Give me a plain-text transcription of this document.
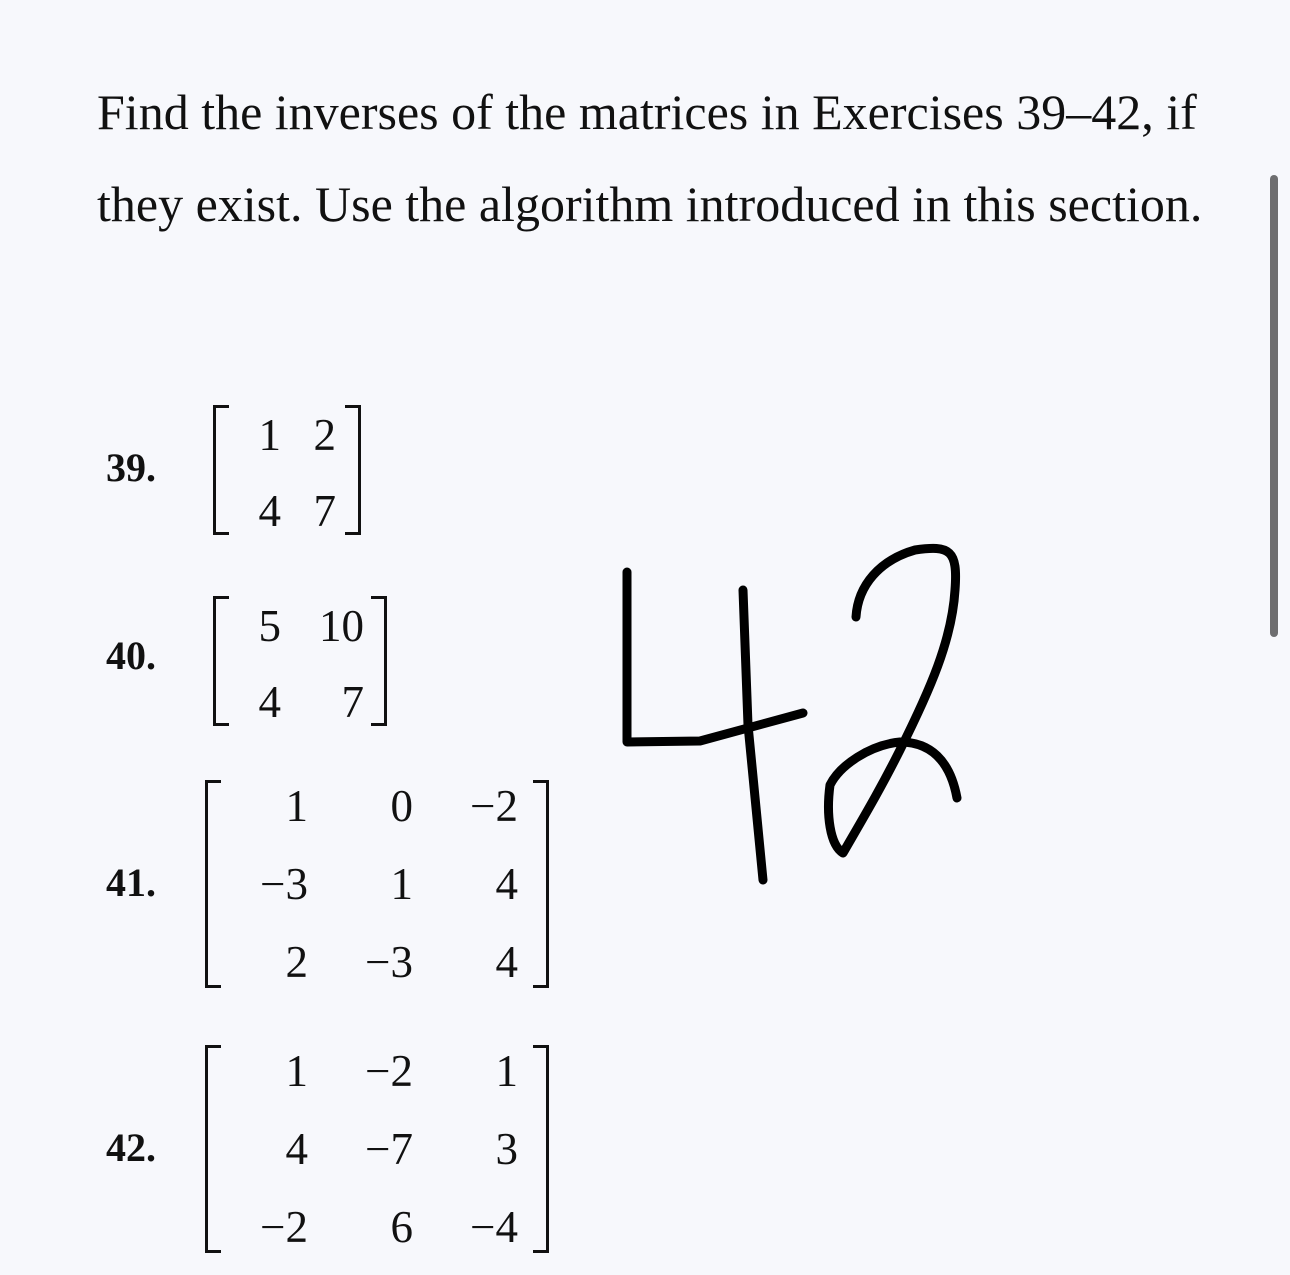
Find the inverses of the matrices in Exercises 39–42, if they exist. Use the algorithm introduced in this section.

39.
1 2
4 7
40.
5 10
4	7
41.
1	0	−2
−3	1	4
2	−3	4
42.
1	−2	1
4	−7	3
−2	6	−4
